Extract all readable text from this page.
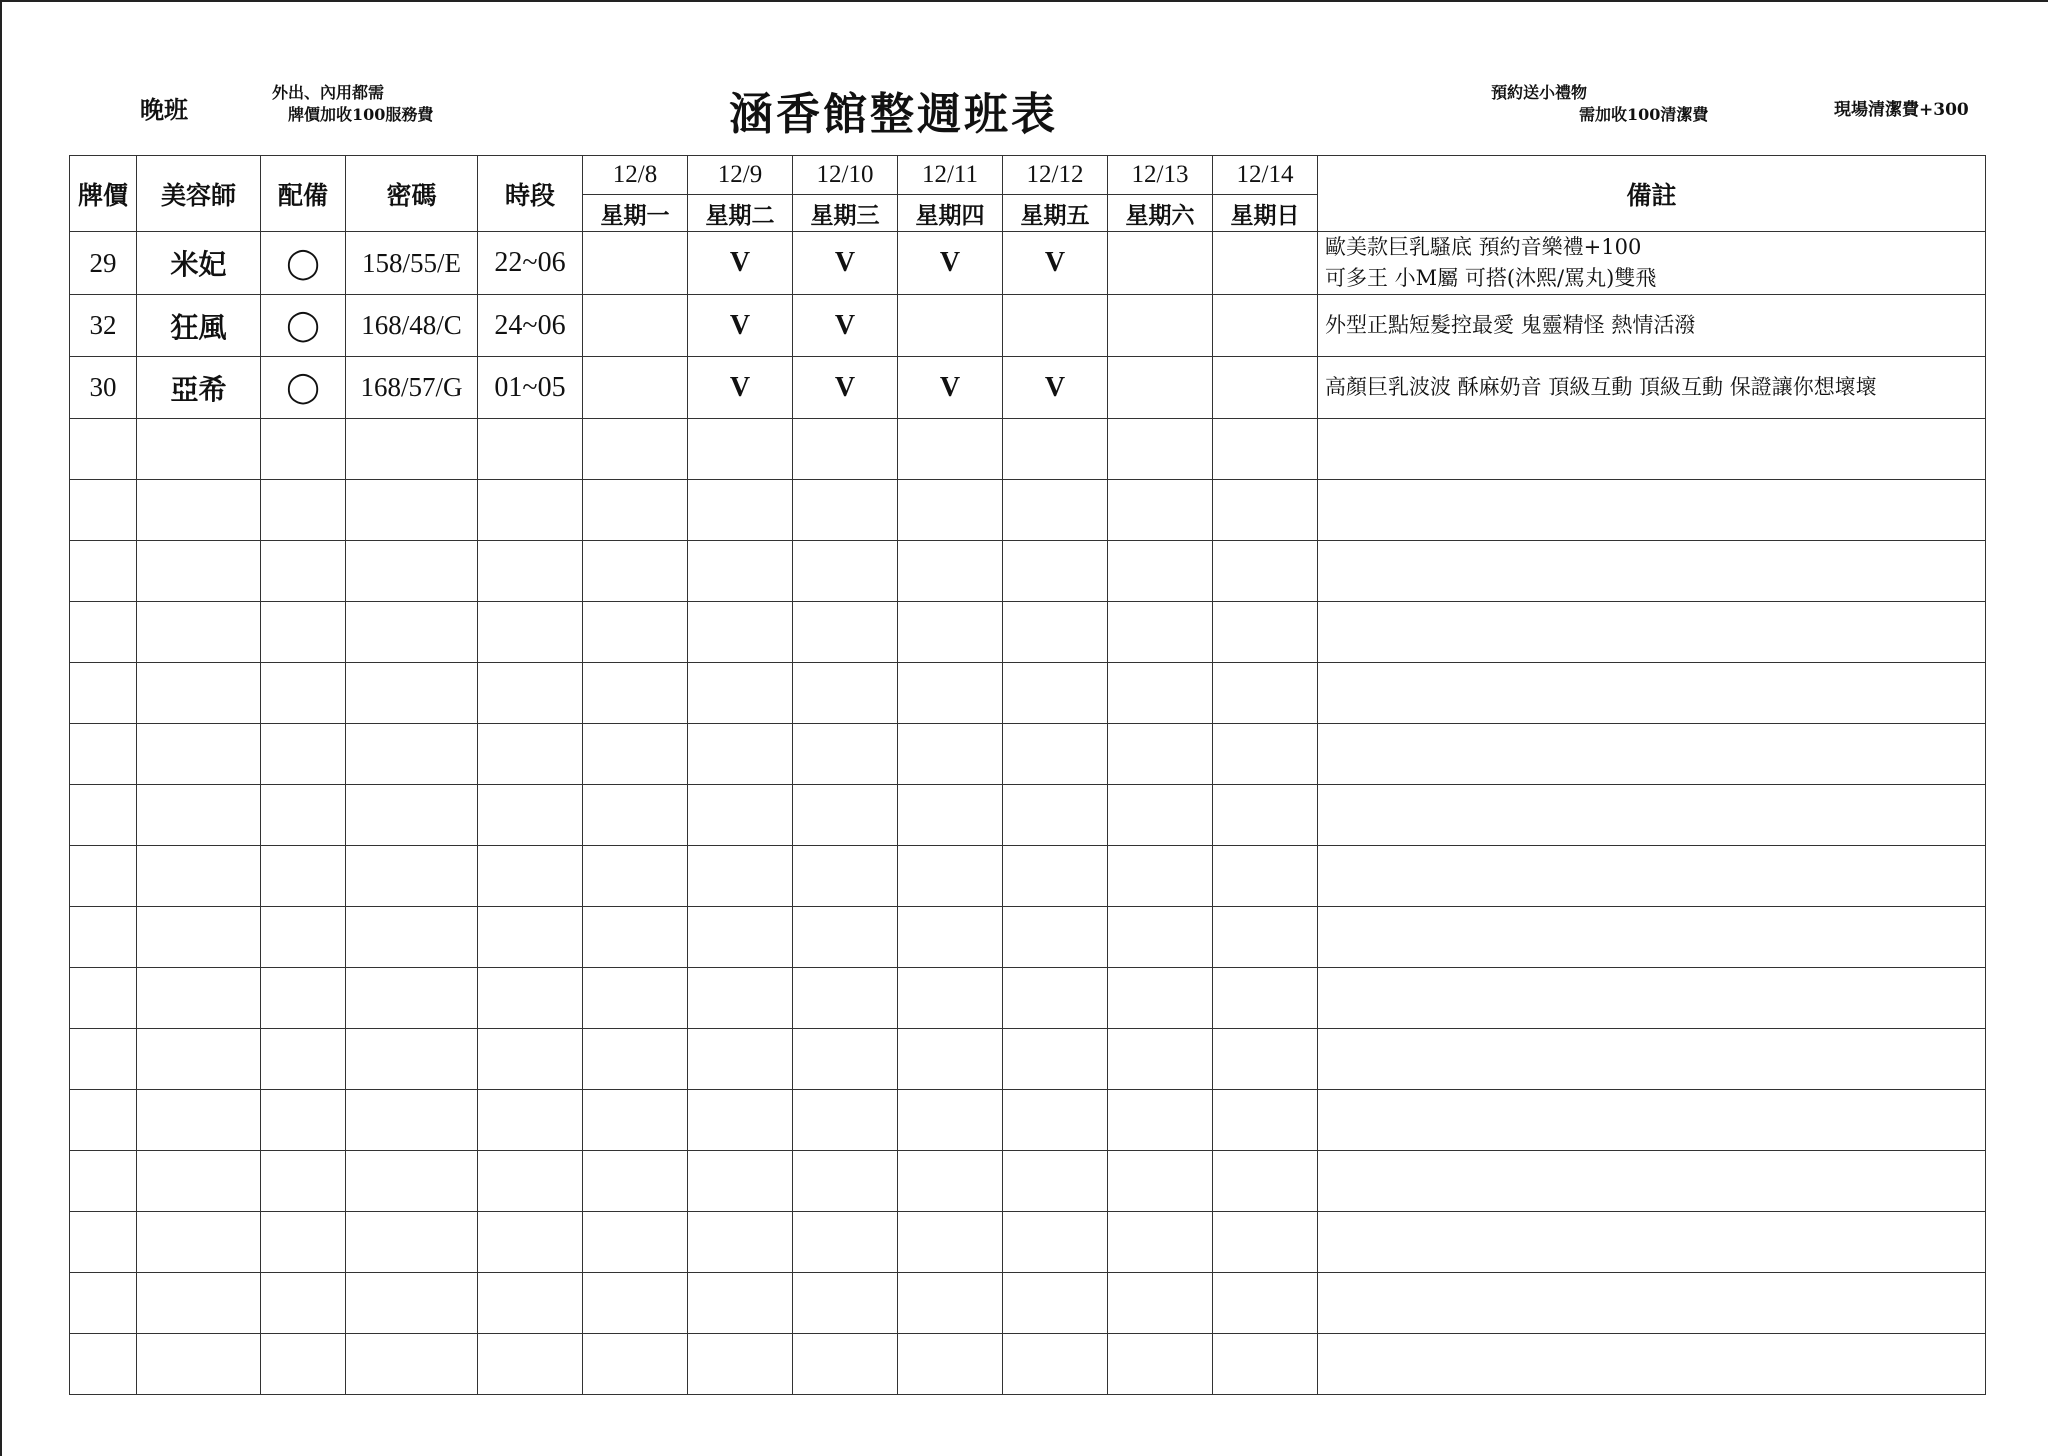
晚班
外出、內用都需
牌價加收100服務費	涵香館整週班表	預約送小禮物
需加收100清潔費	現場清潔費+300
牌價	美容師	配備	密碼	時段	12/8	12/9	12/10	12/11	12/12	12/13	12/14	備註
					星期一	星期二	星期三	星期四	星期五	星期六	星期日	
29	米妃	◯	158/55/E	22~06		V	V	V	V			歐美款巨乳騷底 預約音樂禮+100
可多王 小M屬 可搭(沐熙/罵丸)雙飛

32	狂風	◯	168/48/C	24~06		V	V					外型正點短髮控最愛 鬼靈精怪 熱情活潑

30	亞希	◯	168/57/G	01~05		V	V	V	V			高顏巨乳波波 酥麻奶音 頂級互動 頂級互動 保證讓你想壞壞
